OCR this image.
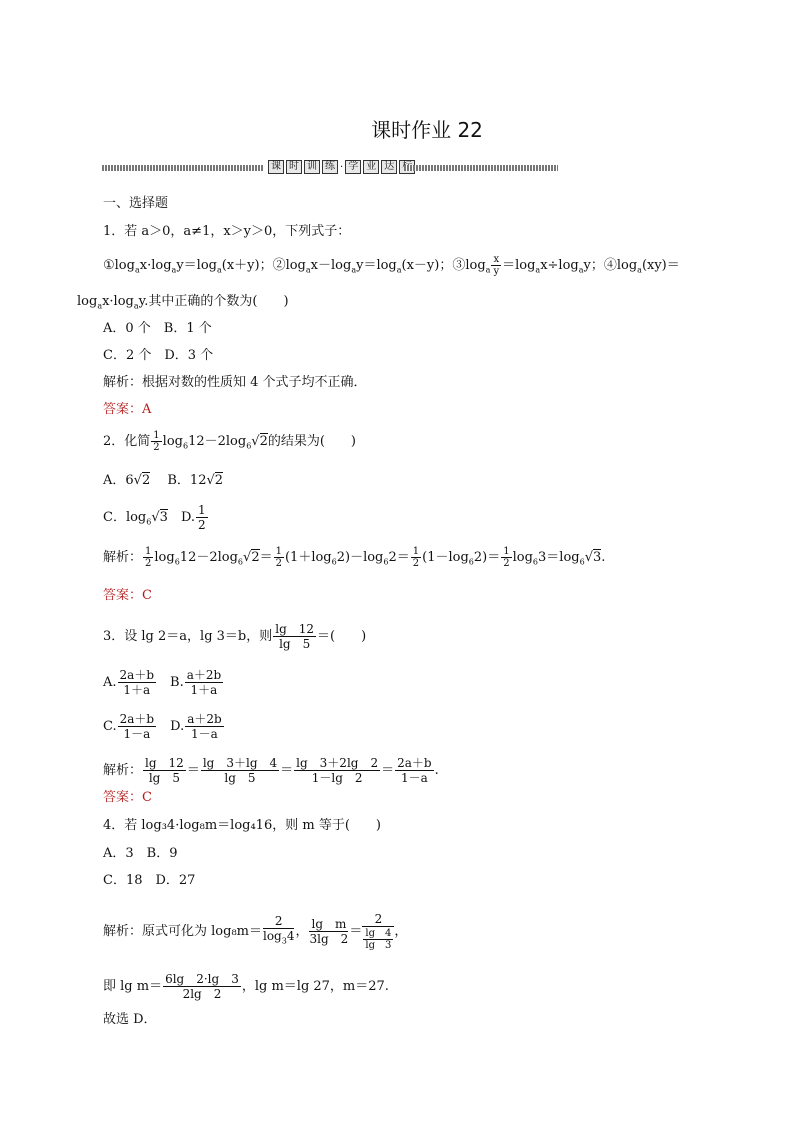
课时作业 22
课 时 训 练 · 学 业 达
一、选择题
1．若 a＞0，a≠1，x＞y＞0，下列式子：
$①\log_ax\cdot\log_ay=\log_a(x+y)$；$②\log_ax-\log_ay=\log_a(x-y)$；$③\log_a \frac{x}{y} =\log_ax\div\log_ay$；$④\log_a(xy)=$
$\log_ax\cdot\log_ay$.其中正确的个数为(　　)
A．0 个　B．1 个
C．2 个　D．3 个
解析：根据对数的性质知 4 个式子均不正确．
答案：A
2．化简 $\frac{1}{2} \log_612-2\log_6√2$的结果为(　　)
A．6√2　 B．12√2
C．$\log_6√3$　D. $\frac{1}{2}$
解析： $\frac{1}{2} \log_612-2\log_6√2= \frac{1}{2} (1+\log_62)-\log_62= \frac{1}{2} (1-\log_62)= \frac{1}{2} \log_63=\log_6√3$.
答案：C
3．设 lg 2＝a，lg 3＝b，则 $\frac{\lg 12}{\lg 5}$ ＝(　　)
A. $\frac{2a+b}{1+a}$ 　B. $\frac{a+2b}{1+a}$
C. $\frac{2a+b}{1-a}$ 　D. $\frac{a+2b}{1-a}$
解析： $\frac{\lg 12}{\lg 5} = \frac{\lg 3+\lg 4}{\lg 5} = \frac{\lg 3+2\lg 2}{1-\lg 2} = \frac{2a+b}{1-a}$ .
答案：C
4．若 log₃4·log₈m＝log₄16，则 m 等于(　　)
A．3　B．9
C．18　D．27
解析：原式可化为 $\log_8m= \frac{2}{\log_34}$ ， $\frac{\text{lg　m}}{3\lg 2} = 2$
lg　4
lg　3 ，
即 $\lg m= \frac{6\lg 2\cdot\lg 3}{2\lg 2}$ ，lg m＝lg 27，m＝27.
故选 D．
